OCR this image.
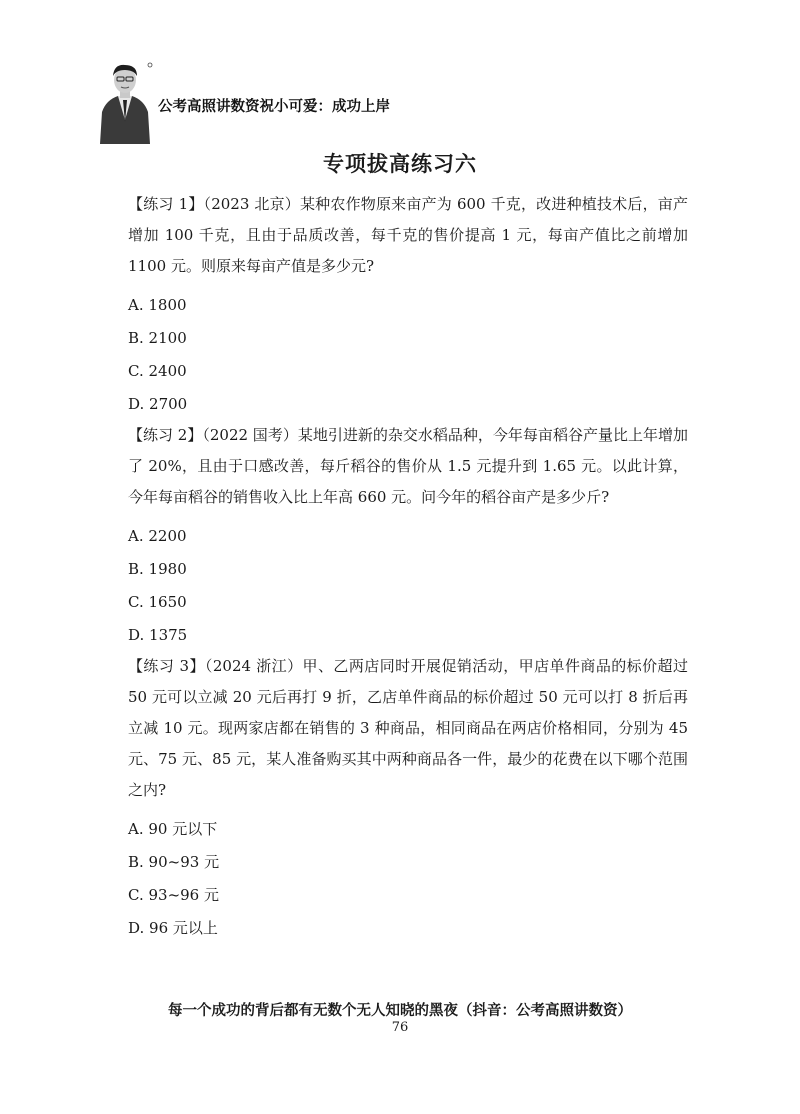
公考高照讲数资祝小可爱：成功上岸
专项拔高练习六

【练习 1】（2023 北京）某种农作物原来亩产为 600 千克，改进种植技术后，亩产增加 100 千克，且由于品质改善，每千克的售价提高 1 元，每亩产值比之前增加 1100 元。则原来每亩产值是多少元?

A. 1800
B. 2100
C. 2400
D. 2700

【练习 2】（2022 国考）某地引进新的杂交水稻品种，今年每亩稻谷产量比上年增加了 20%，且由于口感改善，每斤稻谷的售价从 1.5 元提升到 1.65 元。以此计算，今年每亩稻谷的销售收入比上年高 660 元。问今年的稻谷亩产是多少斤?

A. 2200
B. 1980
C. 1650
D. 1375

【练习 3】（2024 浙江）甲、乙两店同时开展促销活动，甲店单件商品的标价超过 50 元可以立减 20 元后再打 9 折，乙店单件商品的标价超过 50 元可以打 8 折后再立减 10 元。现两家店都在销售的 3 种商品，相同商品在两店价格相同，分别为 45 元、75 元、85 元，某人准备购买其中两种商品各一件，最少的花费在以下哪个范围之内?

A. 90 元以下
B. 90~93 元
C. 93~96 元
D. 96 元以上
每一个成功的背后都有无数个无人知晓的黑夜（抖音：公考高照讲数资）
76
